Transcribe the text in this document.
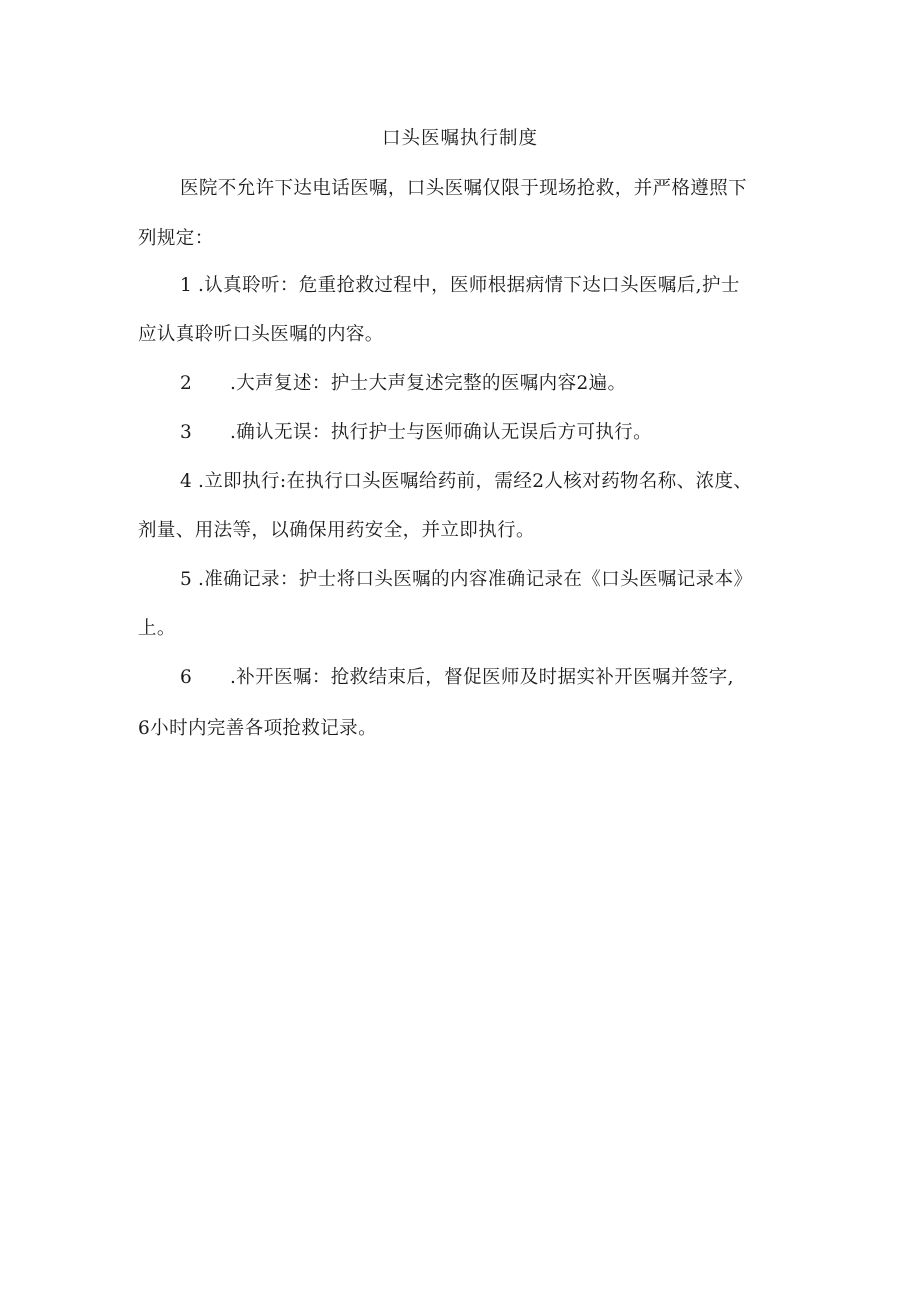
口头医嘱执行制度
医院不允许下达电话医嘱，口头医嘱仅限于现场抢救，并严格遵照下
列规定：
1 .认真聆听：危重抢救过程中，医师根据病情下达口头医嘱后,护士
应认真聆听口头医嘱的内容。
2 .大声复述：护士大声复述完整的医嘱内容2遍。
3 .确认无误：执行护士与医师确认无误后方可执行。
4 .立即执行:在执行口头医嘱给药前，需经2人核对药物名称、浓度、
剂量、用法等，以确保用药安全，并立即执行。
5 .准确记录：护士将口头医嘱的内容准确记录在《口头医嘱记录本》
上。
6 .补开医嘱：抢救结束后，督促医师及时据实补开医嘱并签字,
6小时内完善各项抢救记录。
